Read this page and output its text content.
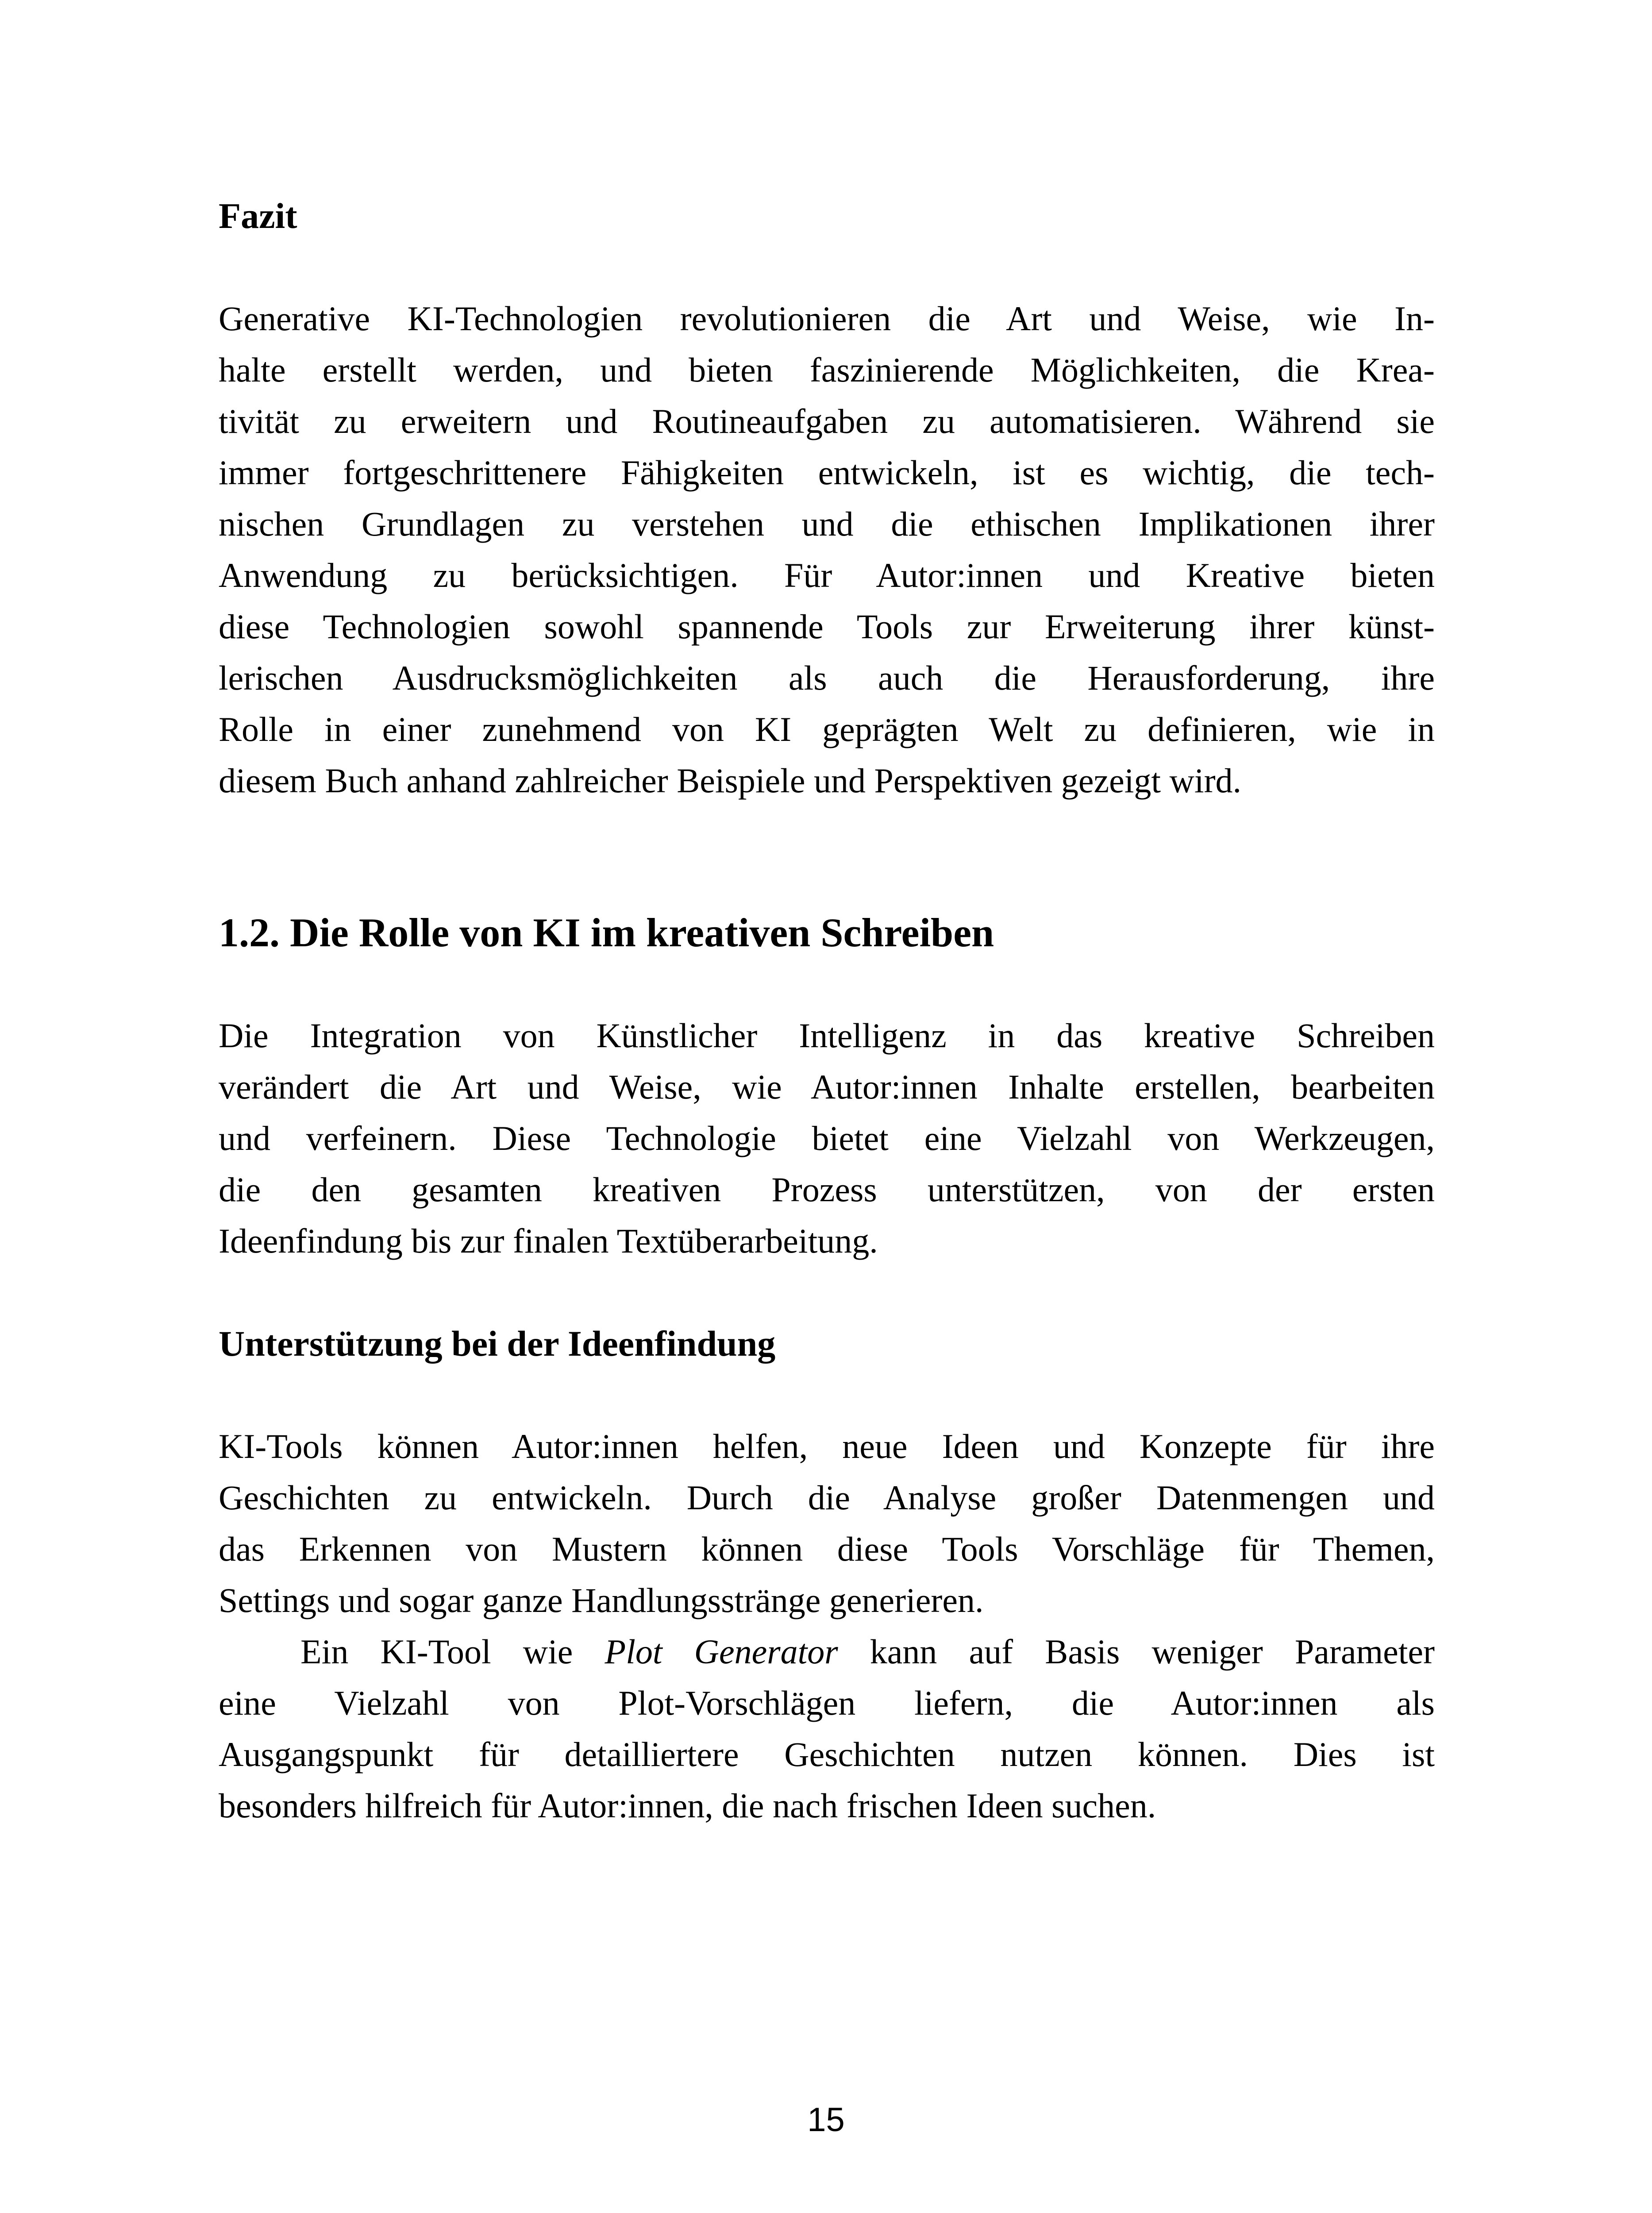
Fazit
Generative KI-Technologien revolutionieren die Art und Weise, wie In-
halte erstellt werden, und bieten faszinierende Möglichkeiten, die Krea-
tivität zu erweitern und Routineaufgaben zu automatisieren. Während sie
immer fortgeschrittenere Fähigkeiten entwickeln, ist es wichtig, die tech-
nischen Grundlagen zu verstehen und die ethischen Implikationen ihrer
Anwendung zu berücksichtigen. Für Autor:innen und Kreative bieten
diese Technologien sowohl spannende Tools zur Erweiterung ihrer künst-
lerischen Ausdrucksmöglichkeiten als auch die Herausforderung, ihre
Rolle in einer zunehmend von KI geprägten Welt zu definieren, wie in
diesem Buch anhand zahlreicher Beispiele und Perspektiven gezeigt wird.
1.2. Die Rolle von KI im kreativen Schreiben
Die Integration von Künstlicher Intelligenz in das kreative Schreiben
verändert die Art und Weise, wie Autor:innen Inhalte erstellen, bearbeiten
und verfeinern. Diese Technologie bietet eine Vielzahl von Werkzeugen,
die den gesamten kreativen Prozess unterstützen, von der ersten
Ideenfindung bis zur finalen Textüberarbeitung.
Unterstützung bei der Ideenfindung
KI-Tools können Autor:innen helfen, neue Ideen und Konzepte für ihre
Geschichten zu entwickeln. Durch die Analyse großer Datenmengen und
das Erkennen von Mustern können diese Tools Vorschläge für Themen,
Settings und sogar ganze Handlungsstränge generieren.
Ein KI-Tool wie Plot Generator kann auf Basis weniger Parameter
eine Vielzahl von Plot-Vorschlägen liefern, die Autor:innen als
Ausgangspunkt für detailliertere Geschichten nutzen können. Dies ist
besonders hilfreich für Autor:innen, die nach frischen Ideen suchen.
15
